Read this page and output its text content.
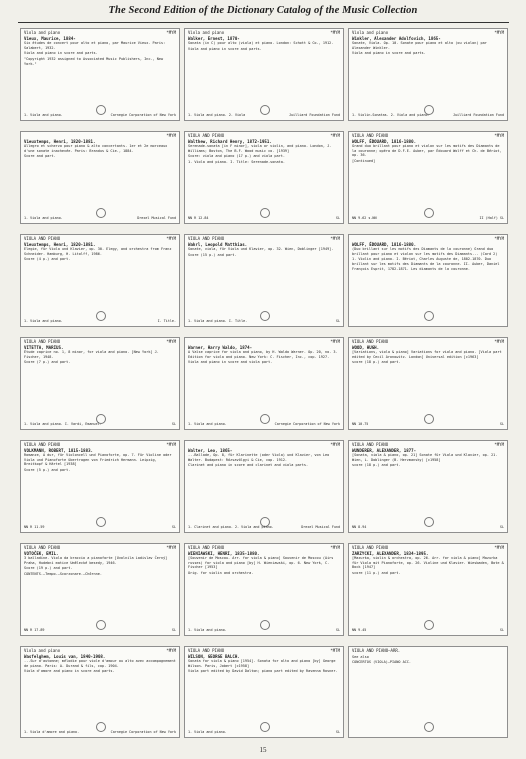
The Second Edition of the Dictionary Catalog of the Music Collection
Viola and piano	*MYM
Vieux, Maurice, 1884-

Six études de concert pour alto et piano, par Maurice Vieux. Paris: Salabert, 1932.

Viola and piano in score and parts.

"Copyright 1932 assigned to Associated Music Publishers, Inc., New York."

1. Viola and piano.	Carnegie Corporation of New York
Viola and piano	*MYM
Walker, Ernest, 1870-

Sonata (in C) pour alto (viola) et piano. London: Schott & Co., 1912.

Viola and piano in score and parts.

1. Viola and piano. 2. Viola	Juilliard Foundation Fund
Viola and piano	*MYM
Winkler, Alexander Adolfovich, 1865-

Sonate, Viola. Op. 10. Sonate pour piano et alto (ou violon) par Alexander Winkler.

Viola and piano in score and parts.

1. Violin-Sonatas. 2. Viola and piano.	Juilliard Foundation Fund
*MYM
Vieuxtemps, Henri, 1820-1881.

Allegro et scherzo pour piano & alto concertants. 1er et 2e morceaux d'une sonate inachevée. Paris: Brandus & Cie., 1884.

Score and part.

1. Viola and piano.	Drexel Musical Fund
VIOLA AND PIANO	*MYM
Walthew, Richard Henry, 1872-1951.

Serenade-sonata [in F minor], viola or violin, and piano. London, J. Williams; Boston, The B.F. Wood music co. [1939]

Score: viola and piano (17 p.) and viola part.

1. Viola and piano. I. Title: Serenade-sonata.

NN R 12.84	SL
VIOLA AND PIANO	*MYM
WOLFF, ÉDOUARD, 1816-1880.

Grand duo brillant pour piano et violon sur les motifs des Diamants de la couronne; opéra de D.F.E. Auber, par Édouard Wolff et Ch. de Bériot, op. 36.

[Continued]

NN 9.62 s.NN	II (Half) SL
VIOLA AND PIANO	*MYM
Vieuxtemps, Henri, 1820-1881.

Elegie, für Viola und Klavier, op. 30. Elegy, and orchestra from Franz Schneider. Hamburg, H. Litolff, 1986.

Score (4 p.) and part.

1. Viola and piano.	I. Title.
VIOLA AND PIANO	*MYM
Wahrl, Leopold Matthias.

Sonate, viola, für Viola und Klavier, op. 32. Wien, Doblinger [1949].

Score (15 p.) and part.

1. Viola and piano. I. Title.	SL
*MYM
WOLFF, ÉDOUARD, 1816-1880.

(Duo brillant sur les motifs des Diamants de la couronne) Grand duo brillant pour piano et violon sur les motifs des Diamants... (Card 2)

1. Violin and piano. I. Bériot, Charles Auguste de, 1802-1870. Duo brillant sur les motifs des Diamants de la couronne. II. Auber, Daniel François Esprit, 1782-1871. Les diamants de la couronne.

VIOLA AND PIANO	*MYM
VITETTA, MARIUS.

Étude caprice no. 1, 8 minor, for viola and piano. [New York] J. Fischer, 1948.

Score (7 p.) and part.

1. Viola and piano. I. Vardi, Emanuel.	SL
*MYM
Warner, Harry Waldo, 1874-

A Valse caprice for viola and piano, by H. Waldo Warner. Op. 20, no. 3. Edition for viola and piano. New York: C. Fischer, Inc., cop. 1927.

Viola and piano in score and viola part.

1. Viola and piano.	Carnegie Corporation of New York
VIOLA AND PIANO	*MYM
WOOD, HUGH.

[Variations, viola & piano] Variations for viola and piano. [Viola part edited by Cecil Aronowitz. London] Universal edition [c1963]

score (18 p.) and part.

NN 10.75	SL
VIOLA AND PIANO	*MYM
VOLKMANN, ROBERT, 1815-1883.

Romanze, A dur, für Violoncell und Pianoforte, op. 7. Für Violine oder Viola und Pianoforte übertragen von Friedrich Hermann. Leipzig, Breitkopf & Härtel [1938]

Score (5 p.) and part.

NN R 11.59	SL
*MYM
Walter, Leo, 1865-

...Ballade, Op. 8, für Klarinette (oder Viola) und Klavier, von Leo Walter. Budapest: Rózsavölgyi & Cie, cop. 1912.

Clarinet and piano in score and clarinet and viola parts.

1. Clarinet and piano. 2. Viola and piano.	Drexel Musical Fund
VIOLA AND PIANO	*MYM
WUNDERER, ALEXANDER, 1877-

[Sonata, viola & piano, op. 21] Sonate für Viola und Klavier, op. 21. Wien, L. Doblinger (B. Herzmansky) [c1958]

score (18 p.) and part.

NN 8.94	SL
VIOLA AND PIANO	*MYM
VOTOČEK, EMIL.

3 balladine. Viola da braccio a pianoforte [Uvolnila Ladislav Černý] Praha, Hudební matice Umělecké besedy, 1946.

Score (19 p.) and part.

CONTENTS.—Tempo.—Scorzonare.—Chôrnne.

NN R 17.89	SL
VIOLA AND PIANO	*MYM
WIENIAWSKI, HENRI, 1835-1880.

[Souvenir de Moscou. Arr. for viola & piano] Souvenir de Moscou (Airs russes) for viola and piano [by] H. Wieniawski, op. 6. New York, C. Fischer [1953]

Orig. for violin and orchestra.

1. Viola and piano.	SL
VIOLA AND PIANO	*MYM
ZARZYCKI, ALEXANDER, 1834-1895.

[Mazurka, violin & orchestra, op. 26. Arr. for viola & piano] Mazurka für Viola mit Pianoforte, op. 26. Violine und Klavier. Wiesbaden, Bote & Bock [1947]

score (11 p.) and part.

NN 9.45	SL
Viola and piano	*MYM
Wasfelghem, Louis van, 1840-1908.

...Sur d'automne; mélodie pour viole d'amour ou alto avec accompagnement de piano. Paris: A. Durand & fils, cop. 1904.

Viola d'amore and piano in score and parts.

1. Viola d'amore and piano.	Carnegie Corporation of New York
VIOLA AND PIANO	*MTM
WILSON, GEORGE BALCH.

Sonata for viola & piano [1954]. Sonata for alto and piano [by] George Wilson. Paris, Jobert [c1958]

Viola part edited by David Dalton; piano part edited by Ravenna Rosner.

1. Viola and piano.	SL
VIOLA AND PIANO—ARR.

See also

CONCERTOS (VIOLA)—PIANO ACC.

15
